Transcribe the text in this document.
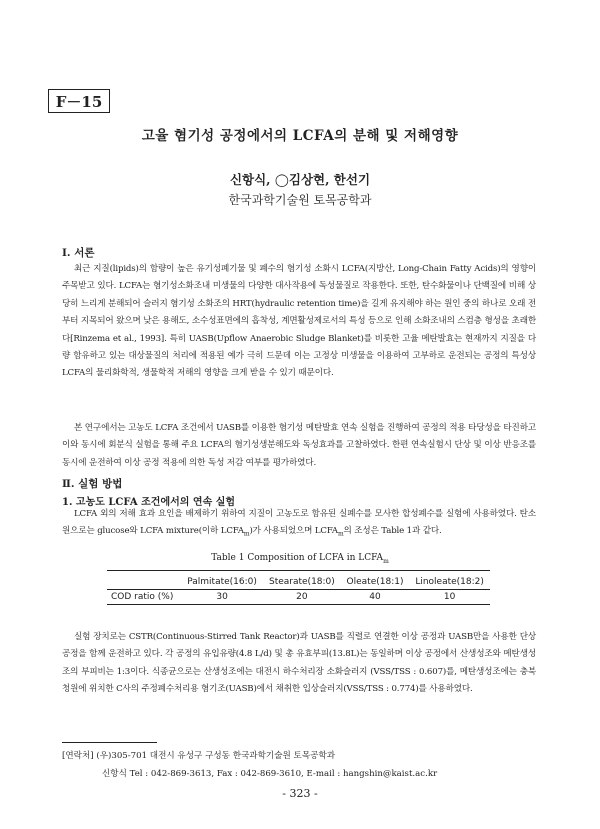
F－15
고율 혐기성 공정에서의 LCFA의 분해 및 저해영향
신항식, ◯김상현, 한선기
한국과학기술원 토목공학과
Ⅰ. 서론

최근 지질(lipids)의 함량이 높은 유기성폐기물 및 폐수의 혐기성 소화시 LCFA(지방산, Long-Chain Fatty Acids)의 영향이 주목받고 있다. LCFA는 혐기성소화조내 미생물의 다양한 대사작용에 독성물질로 작용한다. 또한, 탄수화물이나 단백질에 비해 상당히 느리게 분해되어 슬러지 혐기성 소화조의 HRT(hydraulic retention time)을 길게 유지해야 하는 원인 중의 하나로 오래 전부터 지목되어 왔으며 낮은 용해도, 소수성표면에의 흡착성, 계면활성제로서의 특성 등으로 인해 소화조내의 스컴층 형성을 초래한다[Rinzema et al., 1993]. 특히 UASB(Upflow Anaerobic Sludge Blanket)를 비롯한 고율 메탄발효는 현재까지 지질을 다량 함유하고 있는 대상물질의 처리에 적용된 예가 극히 드문데 이는 고정상 미생물을 이용하여 고부하로 운전되는 공정의 특성상 LCFA의 물리화학적, 생물학적 저해의 영향을 크게 받을 수 있기 때문이다.

본 연구에서는 고농도 LCFA 조건에서 UASB를 이용한 혐기성 메탄발효 연속 실험을 진행하여 공정의 적용 타당성을 타진하고 이와 동시에 회분식 실험을 통해 주요 LCFA의 혐기성생분해도와 독성효과를 고찰하였다. 한편 연속실험시 단상 및 이상 반응조를 동시에 운전하여 이상 공정 적용에 의한 독성 저감 여부를 평가하였다.

Ⅱ. 실험 방법
1. 고농도 LCFA 조건에서의 연속 실험

LCFA 외의 저해 효과 요인을 배제하기 위하여 지질이 고농도로 함유된 실폐수를 모사한 합성폐수를 실험에 사용하였다. 탄소원으로는 glucose와 LCFA mixture(이하 $LCFA_m$)가 사용되었으며 $LCFA_m$의 조성은 Table 1과 같다.

Table 1 Composition of LCFA in $LCFA_m$
	Palmitate(16:0)	Stearate(18:0)	Oleate(18:1)	Linoleate(18:2)
COD ratio (%)	30	20	40	10

실험 장치로는 CSTR(Continuous-Stirred Tank Reactor)과 UASB를 직렬로 연결한 이상 공정과 UASB만을 사용한 단상 공정을 함께 운전하고 있다. 각 공정의 유입유량(4.8 L/d) 및 총 유효부피(13.8L)는 동일하며 이상 공정에서 산생성조와 메탄생성조의 부피비는 1:3이다. 식종균으로는 산생성조에는 대전시 하수처리장 소화슬러지 (VSS/TSS : 0.607)를, 메탄생성조에는 충북 청원에 위치한 C사의 주정폐수처리용 혐기조(UASB)에서 채취한 입상슬러지(VSS/TSS : 0.774)를 사용하였다.

[연락처] (우)305-701 대전시 유성구 구성동 한국과학기술원 토목공학과
신항식 Tel : 042-869-3613, Fax : 042-869-3610, E-mail : hangshin@kaist.ac.kr
- 323 -
